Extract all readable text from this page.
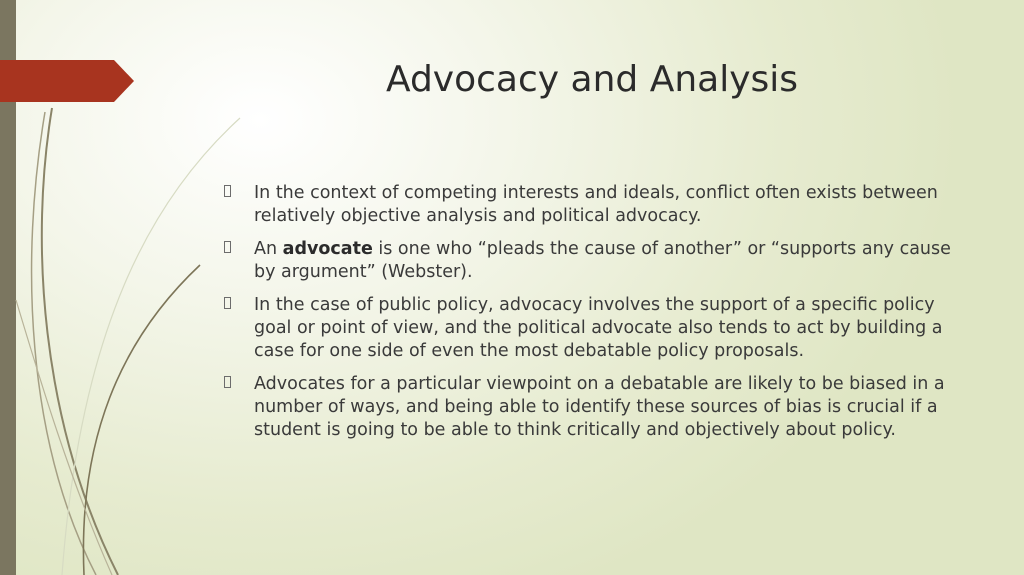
Advocacy and Analysis
In the context of competing interests and ideals, conflict often exists between relatively objective analysis and political advocacy.
An advocate is one who “pleads the cause of another” or “supports any cause by argument” (Webster).
In the case of public policy, advocacy involves the support of a specific policy goal or point of view, and the political advocate also tends to act by building a case for one side of even the most debatable policy proposals.
Advocates for a particular viewpoint on a debatable are likely to be biased in a number of ways, and being able to identify these sources of bias is crucial if a student is going to be able to think critically and objectively about policy.
